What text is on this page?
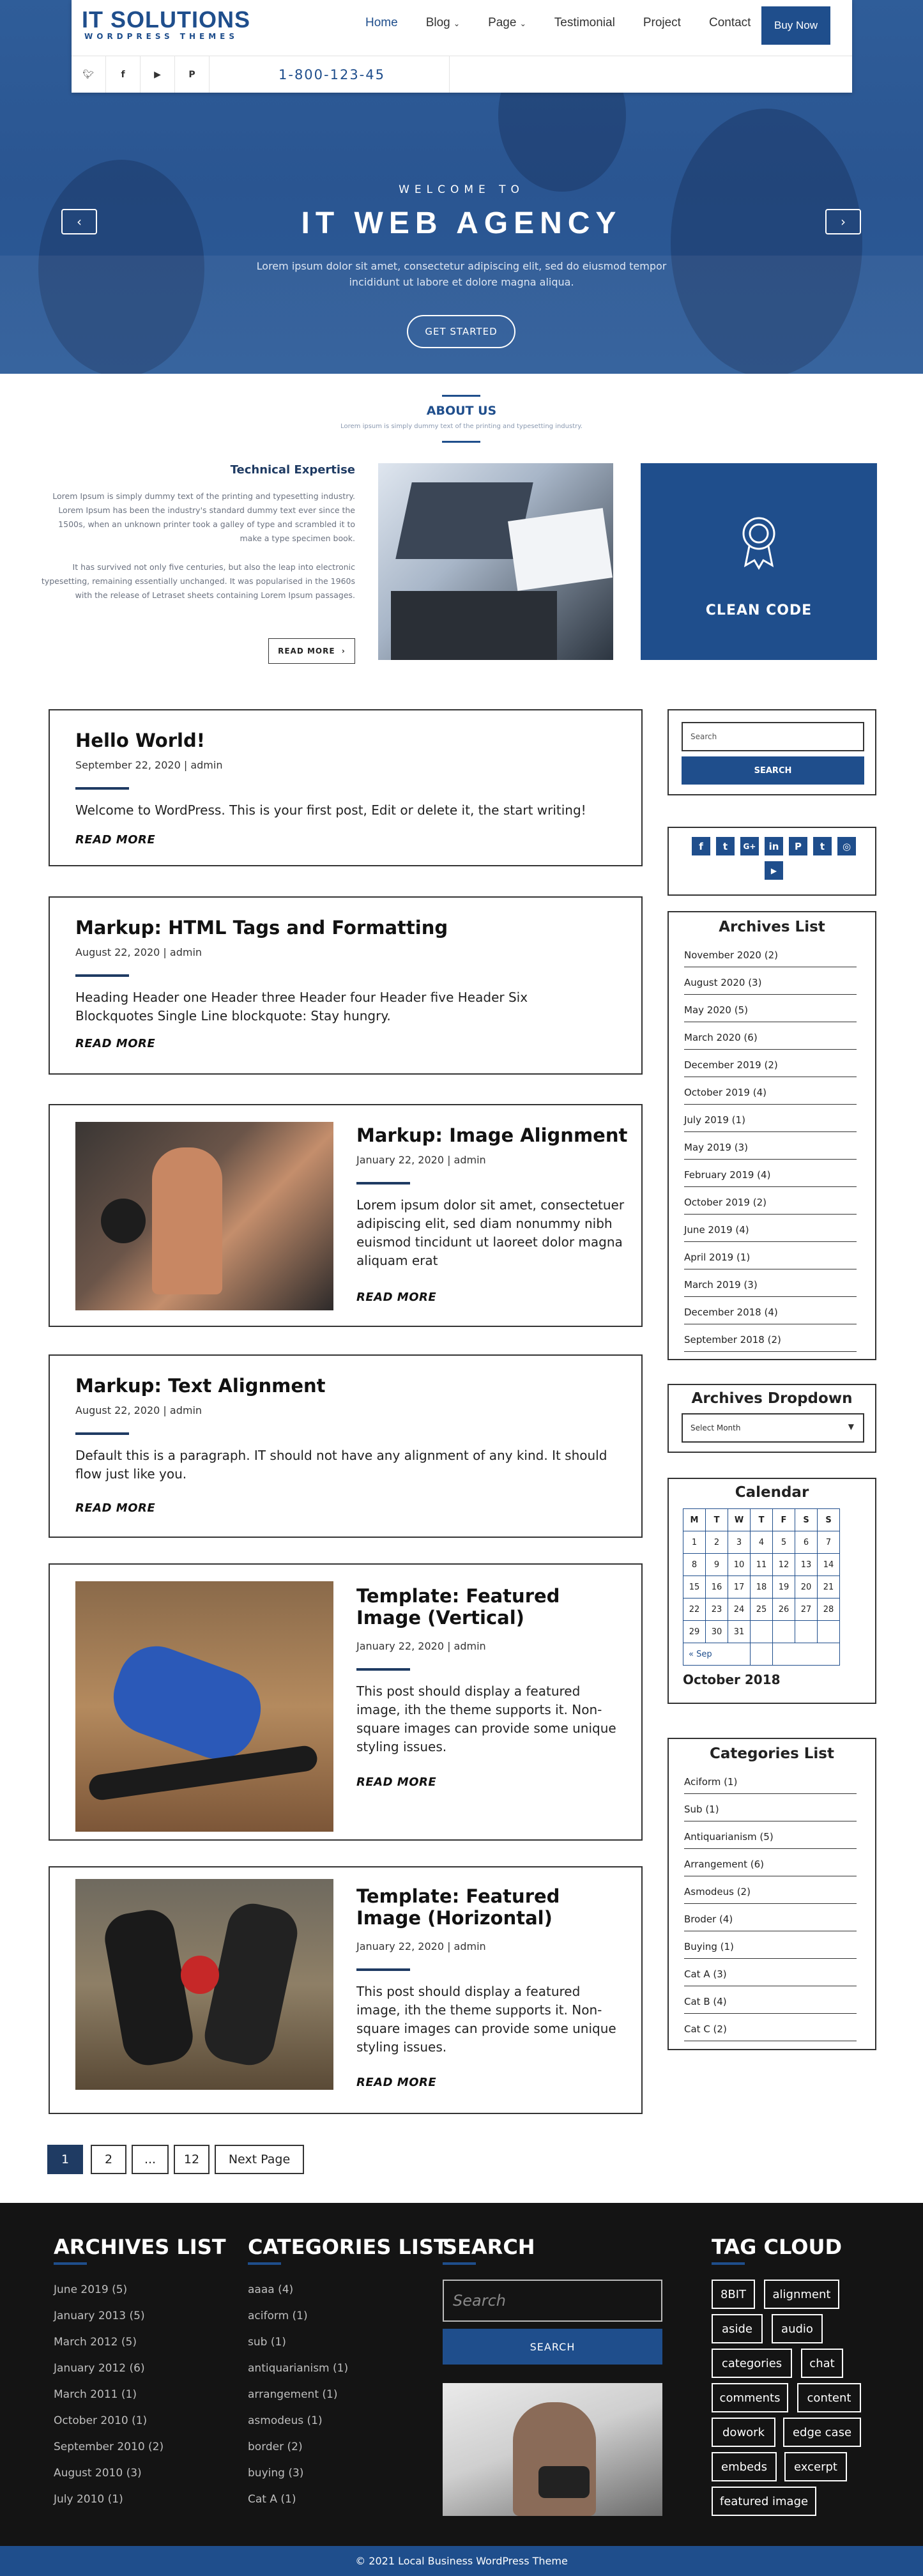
IT SOLUTIONS
WORDPRESS THEMES
Home Blog ⌄ Page ⌄ Testimonial Project Contact	Buy Now
🐦︎	f	▶	P	1-800-123-45
WELCOME TO
IT WEB AGENCY
Lorem ipsum dolor sit amet, consectetur adipiscing elit, sed do eiusmod tempor incididunt ut labore et dolore magna aliqua.
GET STARTED
‹	›
ABOUT US
Lorem ipsum is simply dummy text of the printing and typesetting industry.
Technical Expertise
Lorem Ipsum is simply dummy text of the printing and typesetting industry. Lorem Ipsum has been the industry's standard dummy text ever since the 1500s, when an unknown printer took a galley of type and scrambled it to make a type specimen book.
It has survived not only five centuries, but also the leap into electronic typesetting, remaining essentially unchanged. It was popularised in the 1960s with the release of Letraset sheets containing Lorem Ipsum passages.
READ MORE
›
CLEAN CODE
Hello World!
September 22, 2020 | admin
Welcome to WordPress. This is your first post, Edit or delete it, the start writing!
READ MORE
Markup: HTML Tags and Formatting
August 22, 2020 | admin
Heading Header one Header three Header four Header five Header Six Blockquotes Single Line blockquote: Stay hungry.
READ MORE
Markup: Image Alignment
January 22, 2020 | admin
Lorem ipsum dolor sit amet, consectetuer adipiscing elit, sed diam nonummy nibh euismod tincidunt ut laoreet dolor magna aliquam erat
READ MORE
Markup: Text Alignment
August 22, 2020 | admin
Default this is a paragraph. IT should not have any alignment of any kind. It should flow just like you.
READ MORE
Template: Featured Image (Vertical)
January 22, 2020 | admin
This post should display a featured image, ith the theme supports it. Non-square images can provide some unique styling issues.
READ MORE
Template: Featured Image (Horizontal)
January 22, 2020 | admin
This post should display a featured image, ith the theme supports it. Non-square images can provide some unique styling issues.
READ MORE
Search
SEARCH
f	t	G+	in	P	t	◎
▶
Archives List
November 2020 (2)
August 2020 (3)
May 2020 (5)
March 2020 (6)
December 2019 (2)
October 2019 (4)
July 2019 (1)
May 2019 (3)
February 2019 (4)
October 2019 (2)
June 2019 (4)
April 2019 (1)
March 2019 (3)
December 2018 (4)
September 2018 (2)
Archives Dropdown
Select Month	▼
Calendar
M	T	W	T	F	S	S
1	2	3	4	5	6	7
8	9	10	11	12	13	14
15	16	17	18	19	20	21
22	23	24	25	26	27	28
29	30	31				
« Sep						
October 2018
Categories List
Aciform (1)
Sub (1)
Antiquarianism (5)
Arrangement (6)
Asmodeus (2)
Broder (4)
Buying (1)
Cat A (3)
Cat B (4)
Cat C (2)
1	2	...	12	Next Page
ARCHIVES LIST CATEGORIES LIST
SEARCH
Search
SEARCH
TAG CLOUD
June 2019 (5)
January 2013 (5)
March 2012 (5)
January 2012 (6)
March 2011 (1)
October 2010 (1)
September 2010 (2)
August 2010 (3)
July 2010 (1)
aaaa (4)
aciform (1)
sub (1)
antiquarianism (1)
arrangement (1)
asmodeus (1)
border (2)
buying (3)
Cat A (1)
8BIT	alignment
aside	audio
categories	chat
comments	content
dowork	edge case
embeds	excerpt
featured image
© 2021 Local Business WordPress Theme
